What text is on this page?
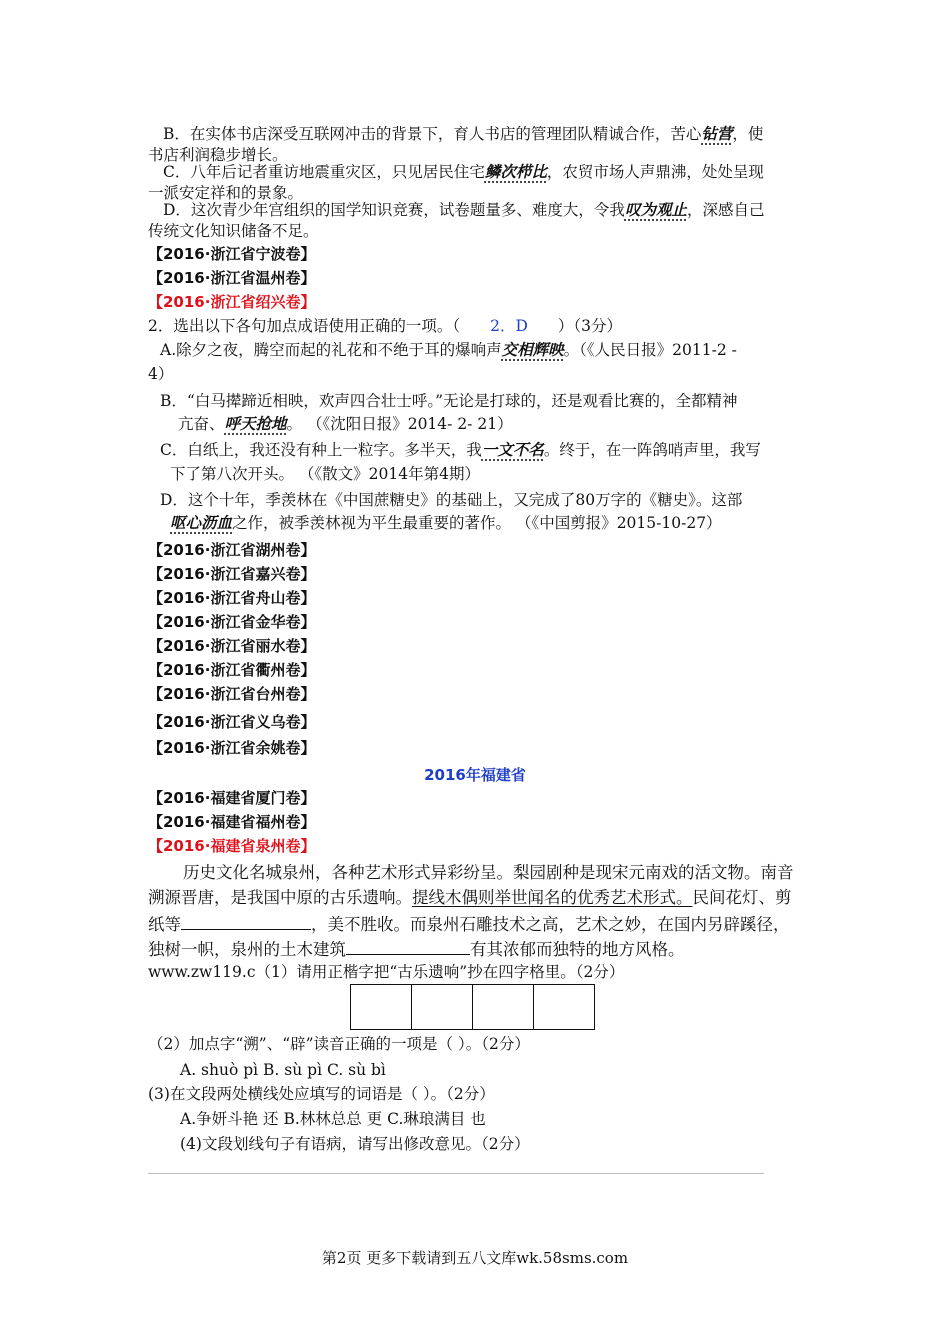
B．在实体书店深受互联网冲击的背景下，育人书店的管理团队精诚合作，苦心钻营，使
书店利润稳步增长。
C．八年后记者重访地震重灾区，只见居民住宅鳞次栉比，农贸市场人声鼎沸，处处呈现
一派安定祥和的景象。
D．这次青少年宫组织的国学知识竞赛，试卷题量多、难度大，令我叹为观止，深感自己
传统文化知识储备不足。
【2016·浙江省宁波卷】
【2016·浙江省温州卷】
【2016·浙江省绍兴卷】
2．选出以下各句加点成语使用正确的一项。（ 2．D ）（3分）
A.除夕之夜，腾空而起的礼花和不绝于耳的爆响声交相辉映。（《人民日报》2011-2 -
4）
B．“白马撵蹄近相映，欢声四合壮士呼。”无论是打球的，还是观看比赛的，全都精神
亢奋、呼天抢地。 （《沈阳日报》2014- 2- 21）
C．白纸上，我还没有种上一粒字。多半天，我一文不名。终于，在一阵鸽哨声里，我写
下了第八次开头。 （《散文》2014年第4期）
D．这个十年，季羡林在《中国蔗糖史》的基础上，又完成了80万字的《糖史》。这部
呕心沥血之作，被季羡林视为平生最重要的著作。 （《中国剪报》2015-10-27）
【2016·浙江省湖州卷】
【2016·浙江省嘉兴卷】
【2016·浙江省舟山卷】
【2016·浙江省金华卷】
【2016·浙江省丽水卷】
【2016·浙江省衢州卷】
【2016·浙江省台州卷】
【2016·浙江省义乌卷】
【2016·浙江省余姚卷】
2016年福建省
【2016·福建省厦门卷】
【2016·福建省福州卷】
【2016·福建省泉州卷】
历史文化名城泉州，各种艺术形式异彩纷呈。梨园剧种是现宋元南戏的活文物。南音
溯源晋唐，是我国中原的古乐遗响。提线木偶则举世闻名的优秀艺术形式。民间花灯、剪
纸等	，美不胜收。而泉州石雕技术之高，艺术之妙，在国内另辟蹊径，
独树一帜，泉州的土木建筑	有其浓郁而独特的地方风格。
www.zw119.c（1）请用正楷字把“古乐遗响”抄在四字格里。（2分）
（2）加点字“溯”、“辟”读音正确的一项是（ ）。（2分）
A. shuò pì B. sù pì C. sù bì
(3)在文段两处横线处应填写的词语是（ ）。（2分）
A.争妍斗艳 还 B.林林总总 更 C.琳琅满目 也
(4)文段划线句子有语病，请写出修改意见。（2分）
第2页 更多下载请到五八文库wk.58sms.com
